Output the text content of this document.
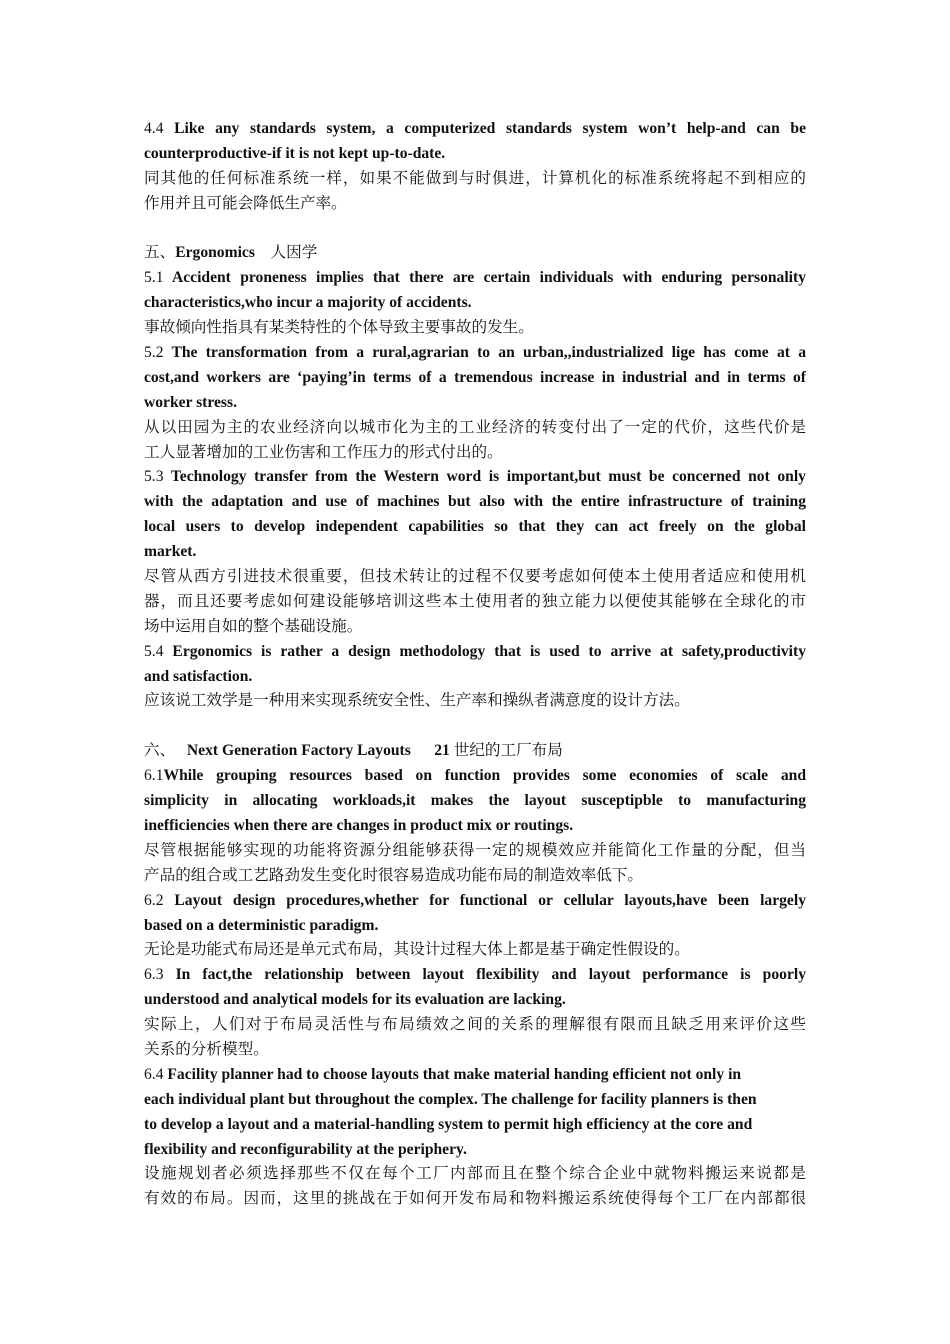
4.4 Like any standards system, a computerized standards system won’t help-and can be
counterproductive-if it is not kept up-to-date.
同其他的任何标准系统一样，如果不能做到与时俱进，计算机化的标准系统将起不到相应的
作用并且可能会降低生产率。
五、Ergonomics 人因学
5.1 Accident proneness implies that there are certain individuals with enduring personality
characteristics,who incur a majority of accidents.
事故倾向性指具有某类特性的个体导致主要事故的发生。
5.2 The transformation from a rural,agrarian to an urban,,industrialized lige has come at a
cost,and workers are ‘paying’in terms of a tremendous increase in industrial and in terms of
worker stress.
从以田园为主的农业经济向以城市化为主的工业经济的转变付出了一定的代价，这些代价是
工人显著增加的工业伤害和工作压力的形式付出的。
5.3 Technology transfer from the Western word is important,but must be concerned not only
with the adaptation and use of machines but also with the entire infrastructure of training
local users to develop independent capabilities so that they can act freely on the global
market.
尽管从西方引进技术很重要，但技术转让的过程不仅要考虑如何使本土使用者适应和使用机
器，而且还要考虑如何建设能够培训这些本土使用者的独立能力以便使其能够在全球化的市
场中运用自如的整个基础设施。
5.4 Ergonomics is rather a design methodology that is used to arrive at safety,productivity
and satisfaction.
应该说工效学是一种用来实现系统安全性、生产率和操纵者满意度的设计方法。
六、 Next Generation Factory Layouts 21 世纪的工厂布局
6.1While grouping resources based on function provides some economies of scale and
simplicity in allocating workloads,it makes the layout susceptipble to manufacturing
inefficiencies when there are changes in product mix or routings.
尽管根据能够实现的功能将资源分组能够获得一定的规模效应并能简化工作量的分配，但当
产品的组合或工艺路劲发生变化时很容易造成功能布局的制造效率低下。
6.2 Layout design procedures,whether for functional or cellular layouts,have been largely
based on a deterministic paradigm.
无论是功能式布局还是单元式布局，其设计过程大体上都是基于确定性假设的。
6.3 In fact,the relationship between layout flexibility and layout performance is poorly
understood and analytical models for its evaluation are lacking.
实际上，人们对于布局灵活性与布局绩效之间的关系的理解很有限而且缺乏用来评价这些
关系的分析模型。
6.4 Facility planner had to choose layouts that make material handing efficient not only in
each individual plant but throughout the complex. The challenge for facility planners is then
to develop a layout and a material-handling system to permit high efficiency at the core and
flexibility and reconfigurability at the periphery.
设施规划者必须选择那些不仅在每个工厂内部而且在整个综合企业中就物料搬运来说都是
有效的布局。因而，这里的挑战在于如何开发布局和物料搬运系统使得每个工厂在内部都很
